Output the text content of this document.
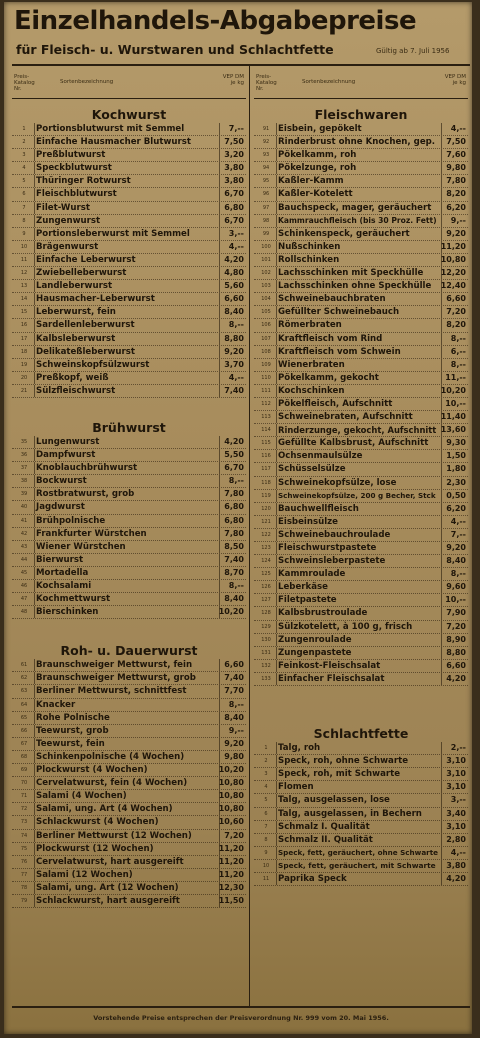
Einzelhandels-Abgabepreise
für Fleisch- u. Wurstwaren und Schlachtfette	Gültig ab 7. Juli 1956
Preis-Katalog Nr.
Sortenbezeichnung
VEP DM je kg
Kochwurst
1	Portionsblutwurst mit Semmel	7,--
2	Einfache Hausmacher Blutwurst	7,50
3	Preßblutwurst	3,20
4	Speckblutwurst	3,80
5	Thüringer Rotwurst	3,80
6	Fleischblutwurst	6,70
7	Filet-Wurst	6,80
8	Zungenwurst	6,70
9	Portionsleberwurst mit Semmel	3,--
10	Brägenwurst	4,--
11	Einfache Leberwurst	4,20
12	Zwiebelleberwurst	4,80
13	Landleberwurst	5,60
14	Hausmacher-Leberwurst	6,60
15	Leberwurst, fein	8,40
16	Sardellenleberwurst	8,--
17	Kalbsleberwurst	8,80
18	Delikateßleberwurst	9,20
19	Schweinskopfsülzwurst	3,70
20	Preßkopf, weiß	4,--
21	Sülzfleischwurst	7,40
Brühwurst
35	Lungenwurst	4,20
36	Dampfwurst	5,50
37	Knoblauchbrühwurst	6,70
38	Bockwurst	8,--
39	Rostbratwurst, grob	7,80
40	Jagdwurst	6,80
41	Brühpolnische	6,80
42	Frankfurter Würstchen	7,80
43	Wiener Würstchen	8,50
44	Bierwurst	7,40
45	Mortadella	8,70
46	Kochsalami	8,--
47	Kochmettwurst	8,40
48	Bierschinken	10,20
Roh- u. Dauerwurst
61	Braunschweiger Mettwurst, fein	6,60
62	Braunschweiger Mettwurst, grob	7,40
63	Berliner Mettwurst, schnittfest	7,70
64	Knacker	8,--
65	Rohe Polnische	8,40
66	Teewurst, grob	9,--
67	Teewurst, fein	9,20
68	Schinkenpolnische (4 Wochen)	9,80
69	Plockwurst (4 Wochen)	10,20
70	Cervelatwurst, fein (4 Wochen)	10,80
71	Salami (4 Wochen)	10,80
72	Salami, ung. Art (4 Wochen)	10,80
73	Schlackwurst (4 Wochen)	10,60
74	Berliner Mettwurst (12 Wochen)	7,20
75	Plockwurst (12 Wochen)	11,20
76	Cervelatwurst, hart ausgereift	11,20
77	Salami (12 Wochen)	11,20
78	Salami, ung. Art (12 Wochen)	12,30
79	Schlackwurst, hart ausgereift	11,50
Preis-Katalog Nr.
Sortenbezeichnung
VEP DM je kg
Fleischwaren
91	Eisbein, gepökelt	4,--
92	Rinderbrust ohne Knochen, gep. 7,50
93	Pökelkamm, roh	7,60
94	Pökelzunge, roh	9,80
95	Kaßler-Kamm	7,80
96	Kaßler-Kotelett	8,20
97	Bauchspeck, mager, geräuchert 6,20
98	Kammrauchfleisch (bis 30 Proz. Fett) 9,--
99	Schinkenspeck, geräuchert	9,20
100 Nußschinken	11,20
101 Rollschinken	10,80
102 Lachsschinken mit Speckhülle 12,20
103 Lachsschinken ohne Speckhülle 12,40
104 Schweinebauchbraten	6,60
105 Gefüllter Schweinebauch	7,20
106 Römerbraten	8,20
107 Kraftfleisch vom Rind	8,--
108 Kraftfleisch vom Schwein	6,--
109 Wienerbraten	8,--
110 Pökelkamm, gekocht	11,--
111 Kochschinken	10,20
112 Pökelfleisch, Aufschnitt	10,--
113 Schweinebraten, Aufschnitt	11,40
114 Rinderzunge, gekocht, Aufschnitt 13,60
115 Gefüllte Kalbsbrust, Aufschnitt 9,30
116 Ochsenmaulsülze	1,50
117 Schüsselsülze	1,80
118 Schweinekopfsülze, lose	2,30
119	Schweinekopfsülze, 200 g Becher, Stck 0,50
120 Bauchwellfleisch	6,20
121 Eisbeinsülze	4,--
122 Schweinebauchroulade	7,--
123 Fleischwurstpastete	9,20
124 Schweinsleberpastete	8,40
125 Kammroulade	8,--
126 Leberkäse	9,60
127 Filetpastete	10,--
128 Kalbsbrustroulade	7,90
129 Sülzkotelett, à 100 g, frisch	7,20
130 Zungenroulade	8,90
131 Zungenpastete	8,80
132 Feinkost-Fleischsalat	6,60
133 Einfacher Fleischsalat	4,20
Schlachtfette
1	Talg, roh	2,--
2	Speck, roh, ohne Schwarte	3,10
3	Speck, roh, mit Schwarte	3,10
4	Flomen	3,10
5	Talg, ausgelassen, lose	3,--
6	Talg, ausgelassen, in Bechern	3,40
7	Schmalz I. Qualität	3,10
8	Schmalz II. Qualität	2,80
9	Speck, fett, geräuchert, ohne Schwarte 4,--
10	Speck, fett, geräuchert, mit Schwarte 3,80
11	Paprika Speck	4,20
Vorstehende Preise entsprechen der Preisverordnung Nr. 999 vom 20. Mai 1956.
